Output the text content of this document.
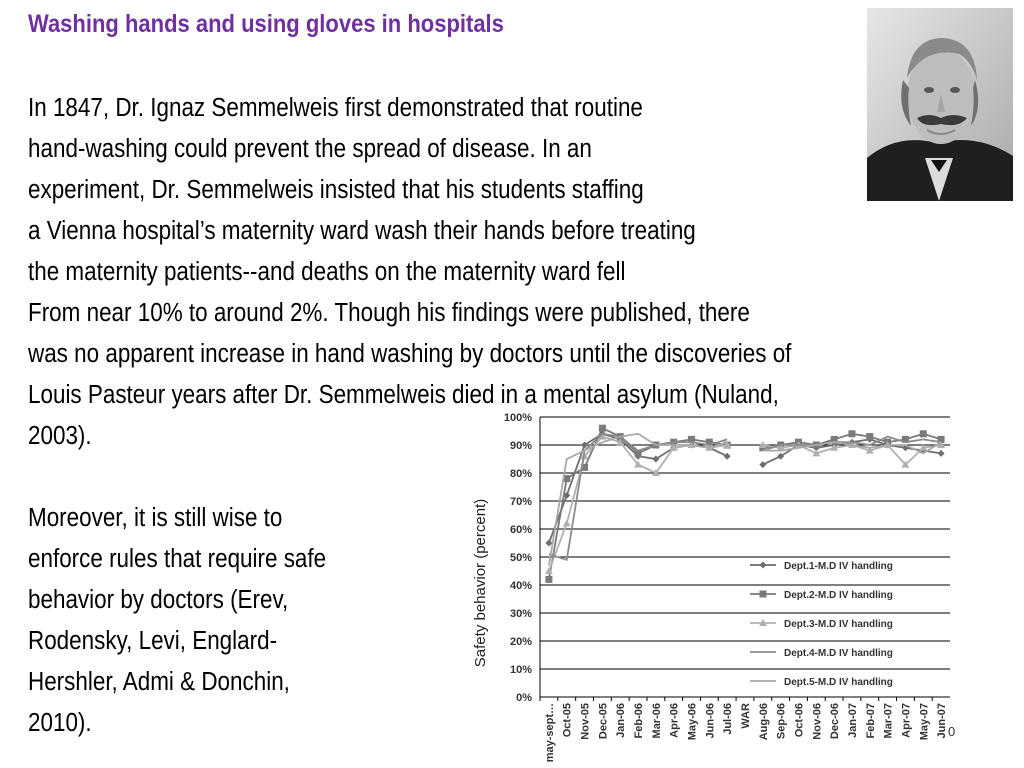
Washing hands and using gloves in hospitals
In 1847, Dr. Ignaz Semmelweis first demonstrated that routine
hand-washing could prevent the spread of disease. In an
experiment, Dr. Semmelweis insisted that his students staffing
a Vienna hospital’s maternity ward wash their hands before treating
the maternity patients--and deaths on the maternity ward fell
From near 10% to around 2%. Though his findings were published, there
was no apparent increase in hand washing by doctors until the discoveries of
Louis Pasteur years after Dr. Semmelweis died in a mental asylum (Nuland,
2003).
Moreover, it is still wise to
enforce rules that require safe
behavior by doctors (Erev,
Rodensky, Levi, Englard-
Hershler, Admi & Donchin,
2010).
0%
10%
20%
30%
40%
50%
60%
70%
80%
90%
100%
may-sept… Oct-05 Nov-05 Dec-05 Jan-06 Feb-06 Mar-06 Apr-06 May-06 Jun-06 Jul-06 WAR Aug-06 Sep-06 Oct-06 Nov-06 Dec-06 Jan-07 Feb-07 Mar-07 Apr-07 May-07 Jun-07
Dept.1-M.D IV handling
Dept.2-M.D IV handling
Dept.3-M.D IV handling
Dept.4-M.D IV handling
Dept.5-M.D IV handling
Safety behavior (percent)
0
